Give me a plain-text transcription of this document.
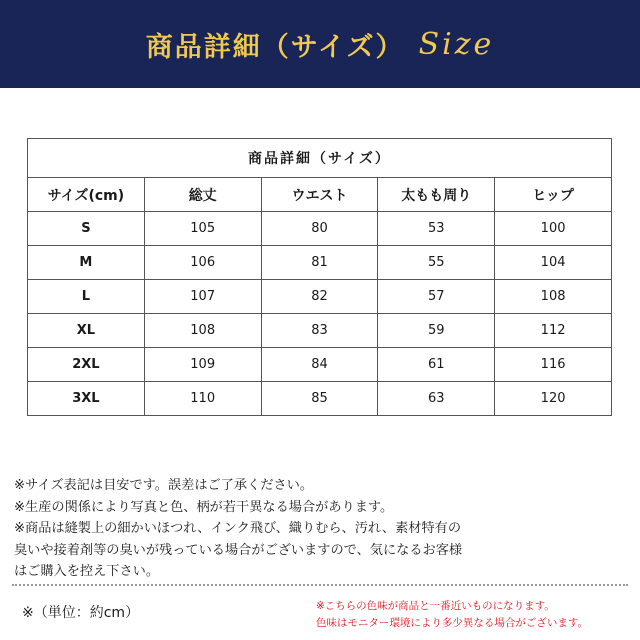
商品詳細（サイズ） Size
商品詳細（サイズ）				
サイズ(cm)	総丈	ウエスト	太もも周り	ヒップ
S	105	80	53	100
M	106	81	55	104
L	107	82	57	108
XL	108	83	59	112
2XL	109	84	61	116
3XL	110	85	63	120
※サイズ表記は目安です。誤差はご了承ください。
※生産の関係により写真と色、柄が若干異なる場合があります。
※商品は縫製上の細かいほつれ、インク飛び、織りむら、汚れ、素材特有の
臭いや接着剤等の臭いが残っている場合がございますので、気になるお客様
はご購入を控え下さい。
※（単位：約cm）	※こちらの色味が商品と一番近いものになります。
色味はモニター環境により多少異なる場合がございます。
